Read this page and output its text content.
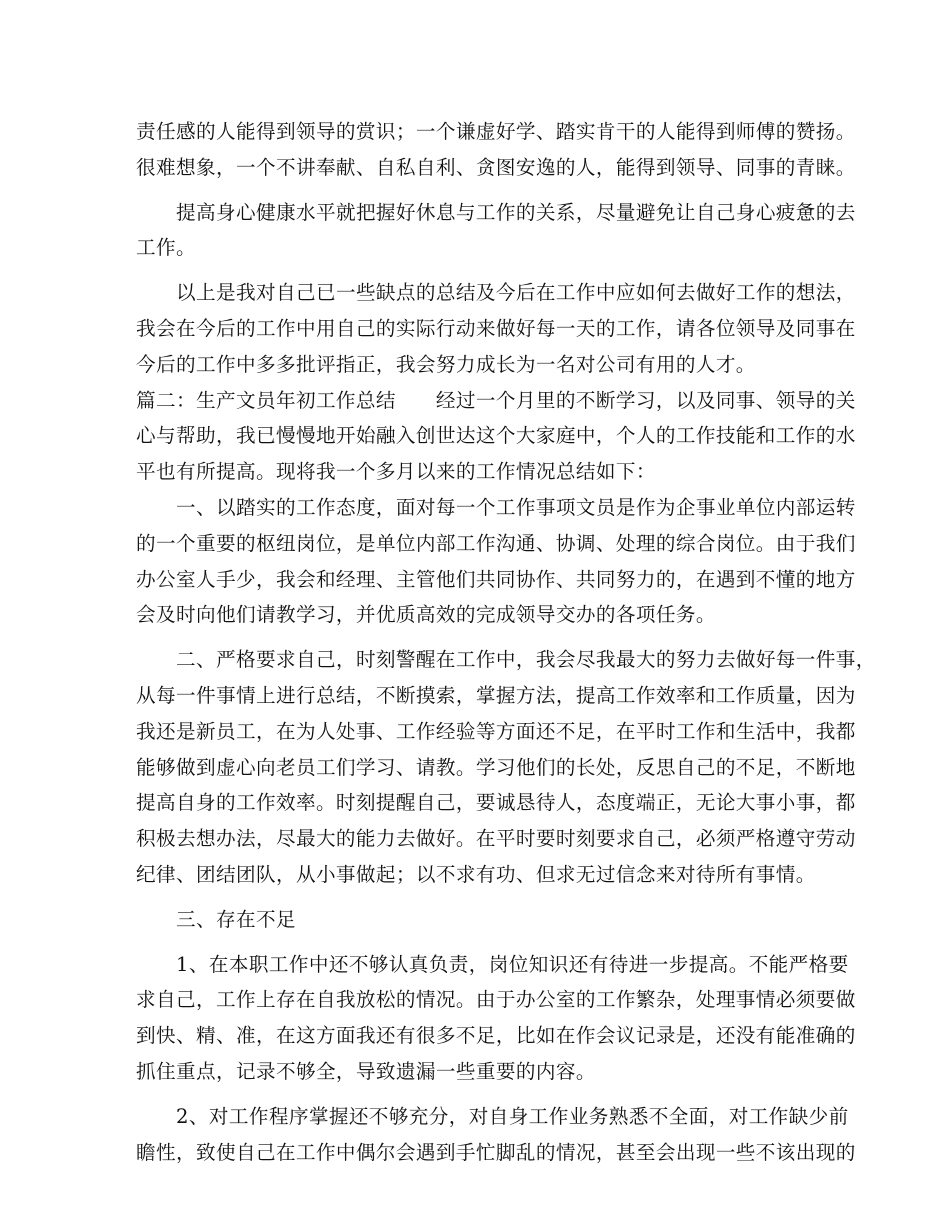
责任感的人能得到领导的赏识；一个谦虚好学、踏实肯干的人能得到师傅的赞扬。
很难想象，一个不讲奉献、自私自利、贪图安逸的人，能得到领导、同事的青睐。
提高身心健康水平就把握好休息与工作的关系，尽量避免让自己身心疲惫的去
工作。
以上是我对自己已一些缺点的总结及今后在工作中应如何去做好工作的想法，
我会在今后的工作中用自己的实际行动来做好每一天的工作，请各位领导及同事在
今后的工作中多多批评指正，我会努力成长为一名对公司有用的人才。
篇二：生产文员年初工作总结　　经过一个月里的不断学习，以及同事、领导的关
心与帮助，我已慢慢地开始融入创世达这个大家庭中，个人的工作技能和工作的水
平也有所提高。现将我一个多月以来的工作情况总结如下：
一、以踏实的工作态度，面对每一个工作事项文员是作为企事业单位内部运转
的一个重要的枢纽岗位，是单位内部工作沟通、协调、处理的综合岗位。由于我们
办公室人手少，我会和经理、主管他们共同协作、共同努力的，在遇到不懂的地方
会及时向他们请教学习，并优质高效的完成领导交办的各项任务。
二、严格要求自己，时刻警醒在工作中，我会尽我最大的努力去做好每一件事，
从每一件事情上进行总结，不断摸索，掌握方法，提高工作效率和工作质量，因为
我还是新员工，在为人处事、工作经验等方面还不足，在平时工作和生活中，我都
能够做到虚心向老员工们学习、请教。学习他们的长处，反思自己的不足，不断地
提高自身的工作效率。时刻提醒自己，要诚恳待人，态度端正，无论大事小事，都
积极去想办法，尽最大的能力去做好。在平时要时刻要求自己，必须严格遵守劳动
纪律、团结团队，从小事做起；以不求有功、但求无过信念来对待所有事情。
三、存在不足
1、在本职工作中还不够认真负责，岗位知识还有待进一步提高。不能严格要
求自己，工作上存在自我放松的情况。由于办公室的工作繁杂，处理事情必须要做
到快、精、准，在这方面我还有很多不足，比如在作会议记录是，还没有能准确的
抓住重点，记录不够全，导致遗漏一些重要的内容。
2、对工作程序掌握还不够充分，对自身工作业务熟悉不全面，对工作缺少前
瞻性，致使自己在工作中偶尔会遇到手忙脚乱的情况，甚至会出现一些不该出现的
